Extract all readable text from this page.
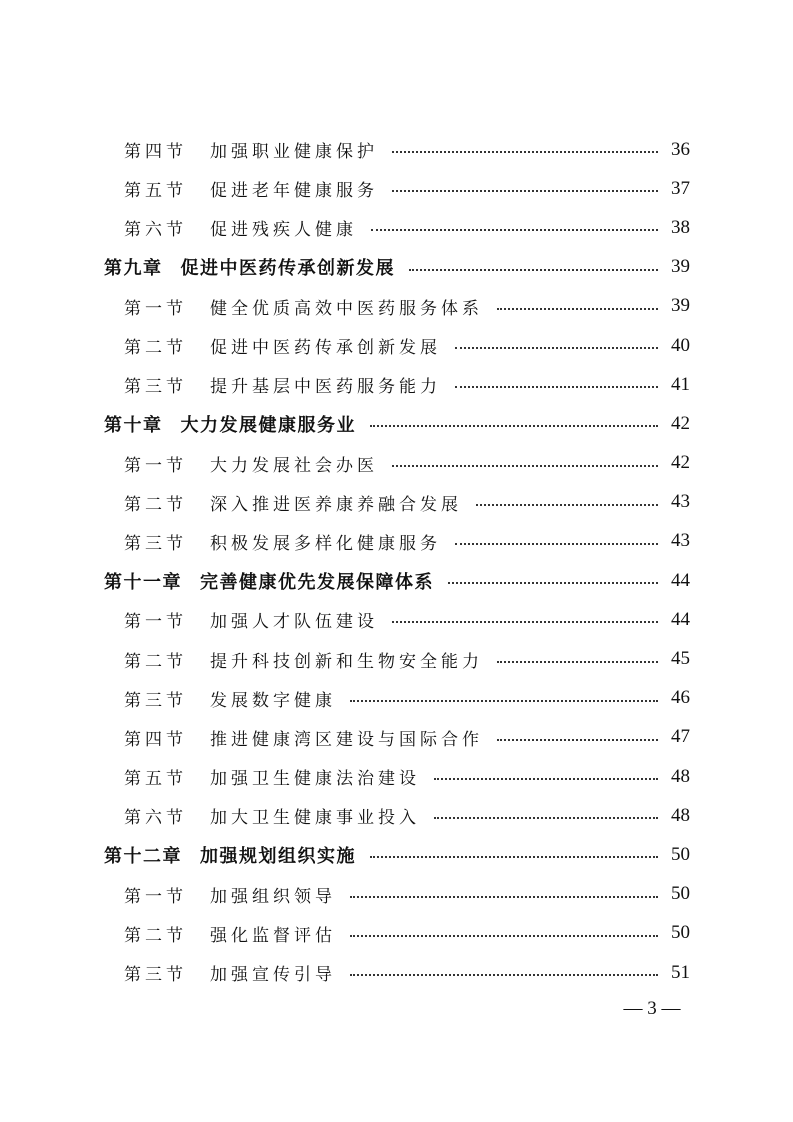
第四节	加强职业健康保护	36
第五节	促进老年健康服务	37
第六节	促进残疾人健康	38
第九章 促进中医药传承创新发展	39
第一节	健全优质高效中医药服务体系	39
第二节	促进中医药传承创新发展	40
第三节	提升基层中医药服务能力	41
第十章 大力发展健康服务业	42
第一节	大力发展社会办医	42
第二节	深入推进医养康养融合发展	43
第三节	积极发展多样化健康服务	43
第十一章 完善健康优先发展保障体系	44
第一节	加强人才队伍建设	44
第二节	提升科技创新和生物安全能力	45
第三节	发展数字健康	46
第四节	推进健康湾区建设与国际合作	47
第五节	加强卫生健康法治建设	48
第六节	加大卫生健康事业投入	48
第十二章 加强规划组织实施	50
第一节	加强组织领导	50
第二节	强化监督评估	50
第三节	加强宣传引导	51
— 3 —
